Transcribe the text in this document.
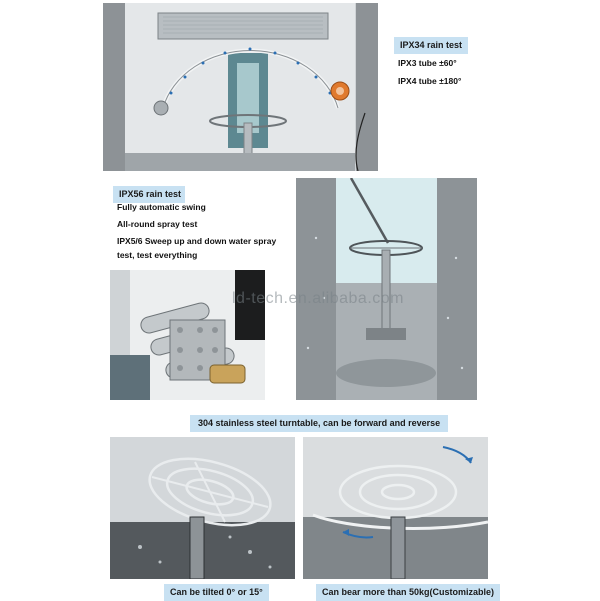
IPX34 rain test
IPX3 tube ±60°
IPX4 tube ±180°
IPX56 rain test
Fully automatic swing
All-round spray test
IPX5/6 Sweep up and down water spray
test, test everything
ld-tech.en.alibaba.com
304 stainless steel turntable, can be forward and reverse
Can be tilted 0° or 15°	Can bear more than 50kg(Customizable)
